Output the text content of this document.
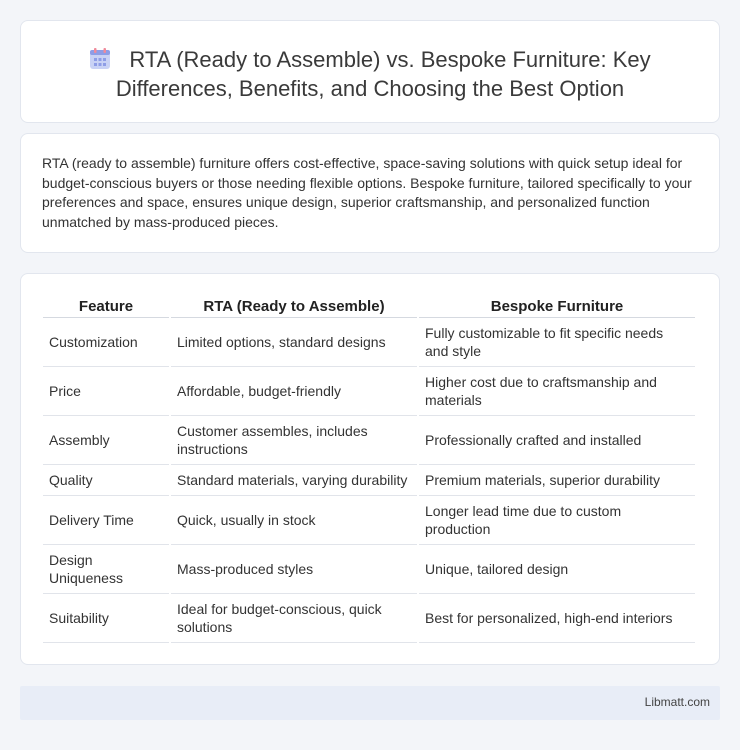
RTA (Ready to Assemble) vs. Bespoke Furniture: Key Differences, Benefits, and Choosing the Best Option

RTA (ready to assemble) furniture offers cost-effective, space-saving solutions with quick setup ideal for budget-conscious buyers or those needing flexible options. Bespoke furniture, tailored specifically to your preferences and space, ensures unique design, superior craftsmanship, and personalized function unmatched by mass-produced pieces.

Feature	RTA (Ready to Assemble)	Bespoke Furniture
Customization	Limited options, standard designs	Fully customizable to fit specific needs and style
Price	Affordable, budget-friendly	Higher cost due to craftsmanship and materials
Assembly	Customer assembles, includes instructions	Professionally crafted and installed
Quality	Standard materials, varying durability	Premium materials, superior durability
Delivery Time	Quick, usually in stock	Longer lead time due to custom production
Design Uniqueness	Mass-produced styles	Unique, tailored design
Suitability	Ideal for budget-conscious, quick solutions	Best for personalized, high-end interiors
Libmatt.com
